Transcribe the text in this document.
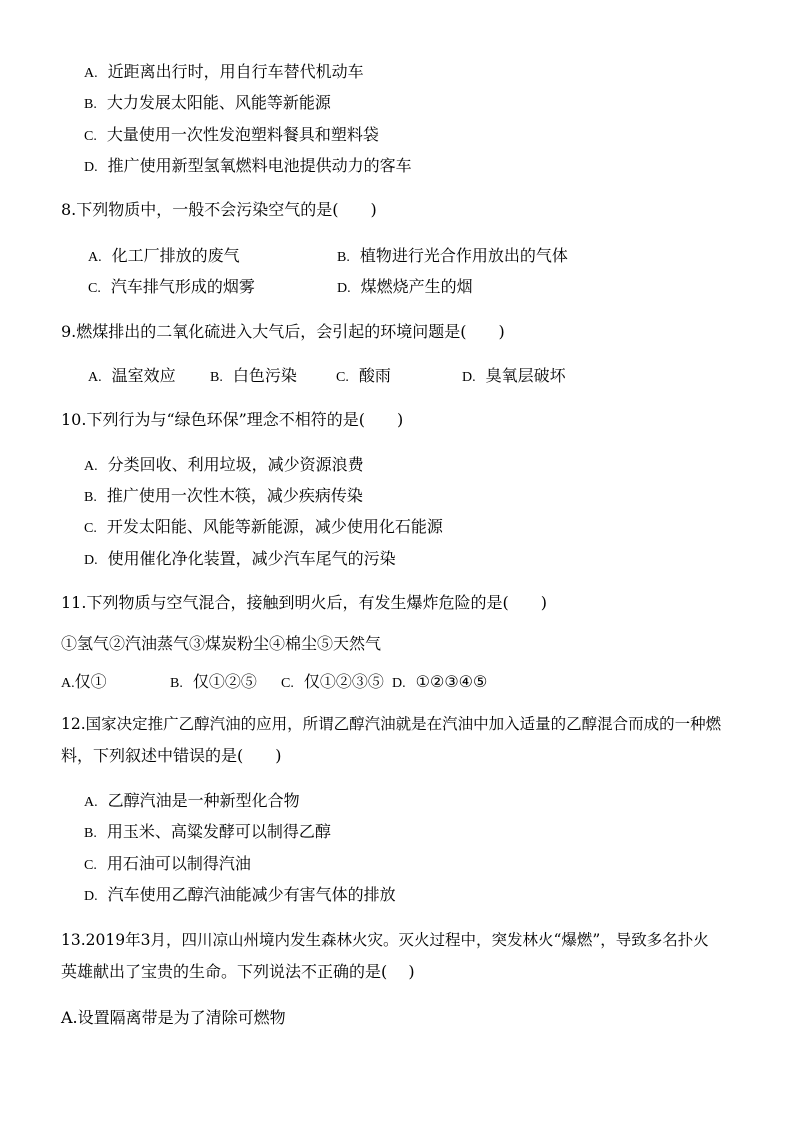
A. 近距离出行时，用自行车替代机动车
B. 大力发展太阳能、风能等新能源
C. 大量使用一次性发泡塑料餐具和塑料袋
D. 推广使用新型氢氧燃料电池提供动力的客车
8.下列物质中，一般不会污染空气的是(　　)
A. 化工厂排放的废气	B. 植物进行光合作用放出的气体
C. 汽车排气形成的烟雾	D. 煤燃烧产生的烟
9.燃煤排出的二氧化硫进入大气后，会引起的环境问题是(　　)
A. 温室效应 B. 白色污染	C. 酸雨	D. 臭氧层破坏
10.下列行为与“绿色环保”理念不相符的是(　　)
A. 分类回收、利用垃圾，减少资源浪费
B. 推广使用一次性木筷，减少疾病传染
C. 开发太阳能、风能等新能源，减少使用化石能源
D. 使用催化净化装置，减少汽车尾气的污染
11.下列物质与空气混合，接触到明火后，有发生爆炸危险的是(　　)
①氢气②汽油蒸气③煤炭粉尘④棉尘⑤天然气
A.仅①	B. 仅①②⑤ C. 仅①②③⑤ D. ①②③④⑤
12.国家决定推广乙醇汽油的应用，所谓乙醇汽油就是在汽油中加入适量的乙醇混合而成的一种燃
料，下列叙述中错误的是(　　)
A. 乙醇汽油是一种新型化合物
B. 用玉米、高粱发酵可以制得乙醇
C. 用石油可以制得汽油
D. 汽车使用乙醇汽油能减少有害气体的排放
13.2019年3月，四川凉山州境内发生森林火灾。灭火过程中，突发林火“爆燃”，导致多名扑火
英雄献出了宝贵的生命。下列说法不正确的是( 　)
A.设置隔离带是为了清除可燃物
